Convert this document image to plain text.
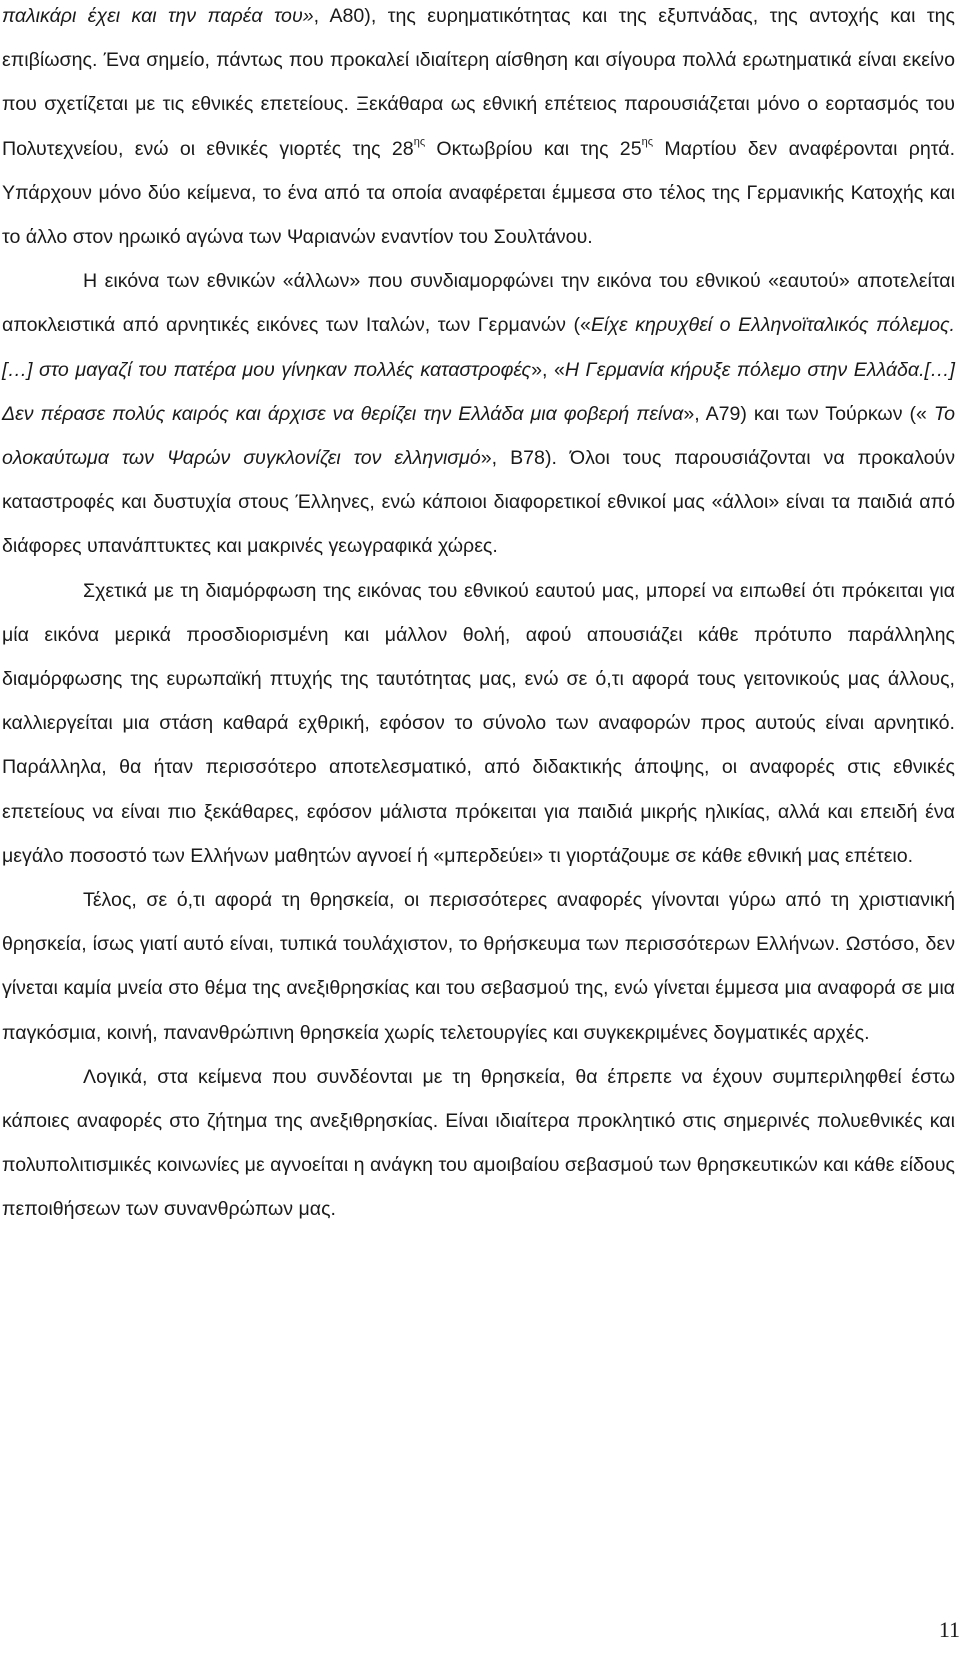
παλικάρι έχει και την παρέα του», Α80), της ευρηματικότητας και της εξυπνάδας, της αντοχής και της επιβίωσης. Ένα σημείο, πάντως που προκαλεί ιδιαίτερη αίσθηση και σίγουρα πολλά ερωτηματικά είναι εκείνο που σχετίζεται με τις εθνικές επετείους. Ξεκάθαρα ως εθνική επέτειος παρουσιάζεται μόνο ο εορτασμός του Πολυτεχνείου, ενώ οι εθνικές γιορτές της $28^{\eta\varsigma}$ Οκτωβρίου και της $25^{\eta\varsigma}$ Μαρτίου δεν αναφέρονται ρητά. Υπάρχουν μόνο δύο κείμενα, το ένα από τα οποία αναφέρεται έμμεσα στο τέλος της Γερμανικής Κατοχής και το άλλο στον ηρωικό αγώνα των Ψαριανών εναντίον του Σουλτάνου.

Η εικόνα των εθνικών «άλλων» που συνδιαμορφώνει την εικόνα του εθνικού «εαυτού» αποτελείται αποκλειστικά από αρνητικές εικόνες των Ιταλών, των Γερμανών («Είχε κηρυχθεί ο Ελληνοϊταλικός πόλεμος.[…] στο μαγαζί του πατέρα μου γίνηκαν πολλές καταστροφές», «Η Γερμανία κήρυξε πόλεμο στην Ελλάδα.[…] Δεν πέρασε πολύς καιρός και άρχισε να θερίζει την Ελλάδα μια φοβερή πείνα», Α79) και των Τούρκων (« Το ολοκαύτωμα των Ψαρών συγκλονίζει τον ελληνισμό», Β78). Όλοι τους παρουσιάζονται να προκαλούν καταστροφές και δυστυχία στους Έλληνες, ενώ κάποιοι διαφορετικοί εθνικοί μας «άλλοι» είναι τα παιδιά από διάφορες υπανάπτυκτες και μακρινές γεωγραφικά χώρες.

Σχετικά με τη διαμόρφωση της εικόνας του εθνικού εαυτού μας, μπορεί να ειπωθεί ότι πρόκειται για μία εικόνα μερικά προσδιορισμένη και μάλλον θολή, αφού απουσιάζει κάθε πρότυπο παράλληλης διαμόρφωσης της ευρωπαϊκή πτυχής της ταυτότητας μας, ενώ σε ό,τι αφορά τους γειτονικούς μας άλλους, καλλιεργείται μια στάση καθαρά εχθρική, εφόσον το σύνολο των αναφορών προς αυτούς είναι αρνητικό. Παράλληλα, θα ήταν περισσότερο αποτελεσματικό, από διδακτικής άποψης, οι αναφορές στις εθνικές επετείους να είναι πιο ξεκάθαρες, εφόσον μάλιστα πρόκειται για παιδιά μικρής ηλικίας, αλλά και επειδή ένα μεγάλο ποσοστό των Ελλήνων μαθητών αγνοεί ή «μπερδεύει» τι γιορτάζουμε σε κάθε εθνική μας επέτειο.

Τέλος, σε ό,τι αφορά τη θρησκεία, οι περισσότερες αναφορές γίνονται γύρω από τη χριστιανική θρησκεία, ίσως γιατί αυτό είναι, τυπικά τουλάχιστον, το θρήσκευμα των περισσότερων Ελλήνων. Ωστόσο, δεν γίνεται καμία μνεία στο θέμα της ανεξιθρησκίας και του σεβασμού της, ενώ γίνεται έμμεσα μια αναφορά σε μια παγκόσμια, κοινή, πανανθρώπινη θρησκεία χωρίς τελετουργίες και συγκεκριμένες δογματικές αρχές.

Λογικά, στα κείμενα που συνδέονται με τη θρησκεία, θα έπρεπε να έχουν συμπεριληφθεί έστω κάποιες αναφορές στο ζήτημα της ανεξιθρησκίας. Είναι ιδιαίτερα προκλητικό στις σημερινές πολυεθνικές και πολυπολιτισμικές κοινωνίες με αγνοείται η ανάγκη του αμοιβαίου σεβασμού των θρησκευτικών και κάθε είδους πεποιθήσεων των συνανθρώπων μας.

11
